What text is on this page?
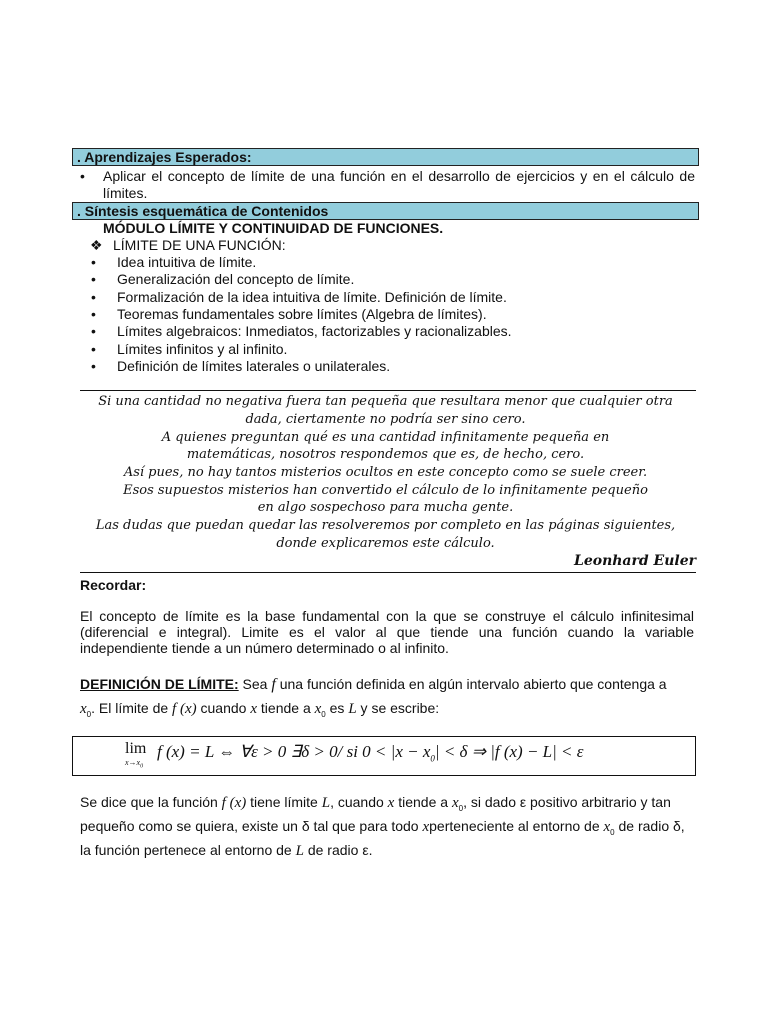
. Aprendizajes Esperados:
• Aplicar el concepto de límite de una función en el desarrollo de ejercicios y en el cálculo de límites.
. Síntesis esquemática de Contenidos
MÓDULO LÍMITE Y CONTINUIDAD DE FUNCIONES.
❖ LÍMITE DE UNA FUNCIÓN:
• Idea intuitiva de límite.
• Generalización del concepto de límite.
• Formalización de la idea intuitiva de límite. Definición de límite.
• Teoremas fundamentales sobre límites (Algebra de límites).
• Límites algebraicos: Inmediatos, factorizables y racionalizables.
• Límites infinitos y al infinito.
• Definición de límites laterales o unilaterales.
Si una cantidad no negativa fuera tan pequeña que resultara menor que cualquier otra
dada, ciertamente no podría ser sino cero.
A quienes preguntan qué es una cantidad infinitamente pequeña en
matemáticas, nosotros respondemos que es, de hecho, cero.
Así pues, no hay tantos misterios ocultos en este concepto como se suele creer.
Esos supuestos misterios han convertido el cálculo de lo infinitamente pequeño
en algo sospechoso para mucha gente.
Las dudas que puedan quedar las resolveremos por completo en las páginas siguientes,
donde explicaremos este cálculo.
Leonhard Euler
Recordar:
El concepto de límite es la base fundamental con la que se construye el cálculo infinitesimal (diferencial e integral). Limite es el valor al que tiende una función cuando la variable independiente tiende a un número determinado o al infinito.
DEFINICIÓN DE LÍMITE: Sea f una función definida en algún intervalo abierto que contenga a
$x_0$. El límite de f (x) cuando x tiende a $x_0$ es L y se escribe:
lim
$x\to x_0$
f (x) = L ⇔ ∀ε > 0 ∃δ > 0/ si $0 < |x - x_0| < \delta$ ⇒ |f (x) − L| < ε
Se dice que la función f (x) tiene límite L, cuando x tiende a $x_0$, si dado ε positivo arbitrario y tan
pequeño como se quiera, existe un δ tal que para todo xperteneciente al entorno de $x_0$ de radio δ,
la función pertenece al entorno de L de radio ε.
